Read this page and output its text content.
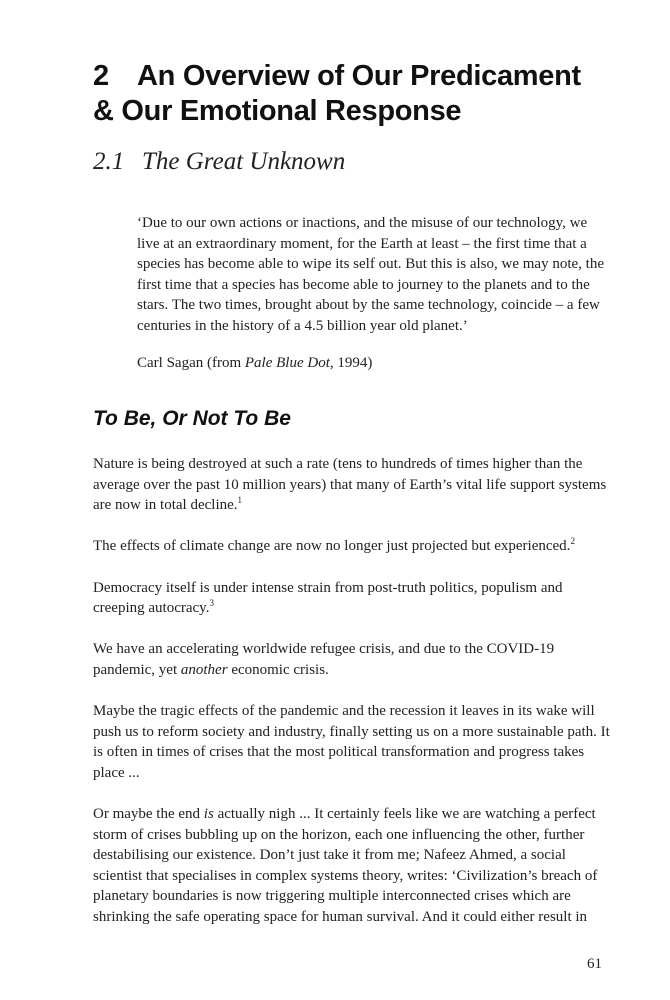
2 An Overview of Our Predicament
& Our Emotional Response
2.1 The Great Unknown

‘Due to our own actions or inactions, and the misuse of our technology, we live at an extraordinary moment, for the Earth at least – the first time that a species has become able to wipe its self out. But this is also, we may note, the first time that a species has become able to journey to the planets and to the stars. The two times, brought about by the same technology, coincide – a few centuries in the history of a 4.5 billion year old planet.’

Carl Sagan (from Pale Blue Dot, 1994)
To Be, Or Not To Be

Nature is being destroyed at such a rate (tens to hundreds of times higher than the average over the past 10 million years) that many of Earth’s vital life support systems are now in total decline.$^1$

The effects of climate change are now no longer just projected but experienced.$^2$

Democracy itself is under intense strain from post-truth politics, populism and creeping autocracy.$^3$

We have an accelerating worldwide refugee crisis, and due to the COVID-19 pandemic, yet another economic crisis.

Maybe the tragic effects of the pandemic and the recession it leaves in its wake will push us to reform society and industry, finally setting us on a more sustainable path. It is often in times of crises that the most political transformation and progress takes place ...

Or maybe the end is actually nigh ... It certainly feels like we are watching a perfect storm of crises bubbling up on the horizon, each one influencing the other, further destabilising our existence. Don’t just take it from me; Nafeez Ahmed, a social scientist that specialises in complex systems theory, writes: ‘Civilization’s breach of planetary boundaries is now triggering multiple interconnected crises which are shrinking the safe operating space for human survival. And it could either result in

61
